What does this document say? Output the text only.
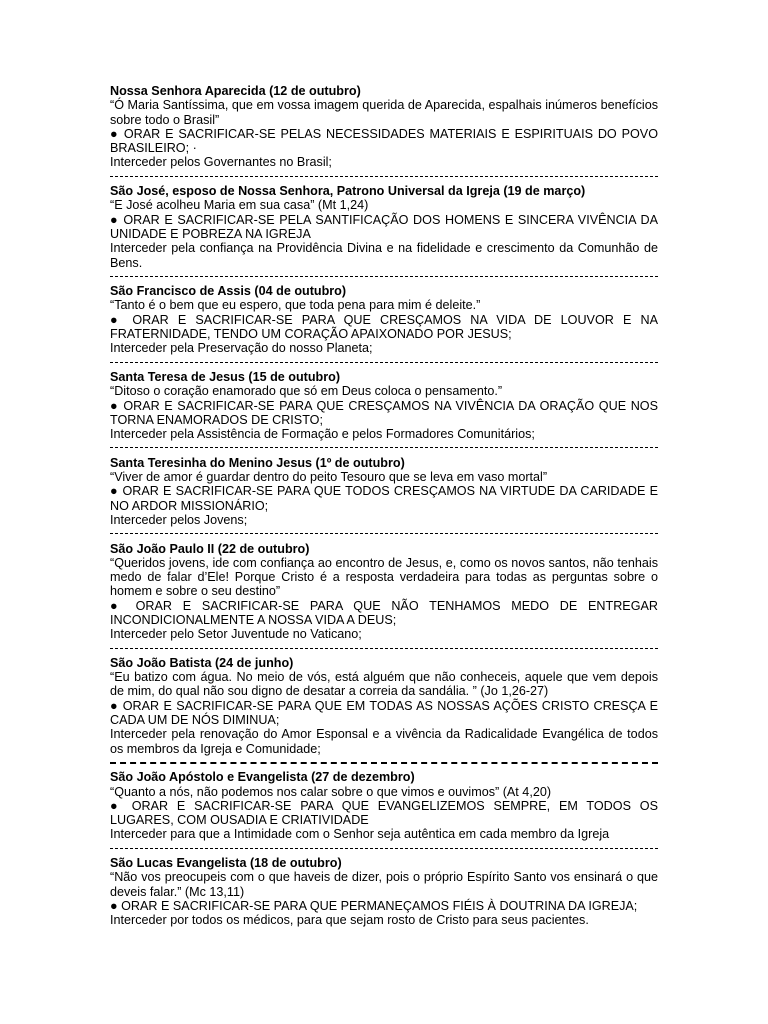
Nossa Senhora Aparecida (12 de outubro)
“Ó Maria Santíssima, que em vossa imagem querida de Aparecida, espalhais inúmeros benefícios sobre todo o Brasil”
● ORAR E SACRIFICAR-SE PELAS NECESSIDADES MATERIAIS E ESPIRITUAIS DO POVO BRASILEIRO; ·
Interceder pelos Governantes no Brasil;
São José, esposo de Nossa Senhora, Patrono Universal da Igreja (19 de março)
“E José acolheu Maria em sua casa” (Mt 1,24)
● ORAR E SACRIFICAR-SE PELA SANTIFICAÇÃO DOS HOMENS E SINCERA VIVÊNCIA DA UNIDADE E POBREZA NA IGREJA
Interceder pela confiança na Providência Divina e na fidelidade e crescimento da Comunhão de Bens.
São Francisco de Assis (04 de outubro)
“Tanto é o bem que eu espero, que toda pena para mim é deleite.”
● ORAR E SACRIFICAR-SE PARA QUE CRESÇAMOS NA VIDA DE LOUVOR E NA FRATERNIDADE, TENDO UM CORAÇÃO APAIXONADO POR JESUS;
Interceder pela Preservação do nosso Planeta;
Santa Teresa de Jesus (15 de outubro)
“Ditoso o coração enamorado que só em Deus coloca o pensamento.”
● ORAR E SACRIFICAR-SE PARA QUE CRESÇAMOS NA VIVÊNCIA DA ORAÇÃO QUE NOS TORNA ENAMORADOS DE CRISTO;
Interceder pela Assistência de Formação e pelos Formadores Comunitários;
Santa Teresinha do Menino Jesus (1º de outubro)
“Viver de amor é guardar dentro do peito Tesouro que se leva em vaso mortal”
● ORAR E SACRIFICAR-SE PARA QUE TODOS CRESÇAMOS NA VIRTUDE DA CARIDADE E NO ARDOR MISSIONÁRIO;
Interceder pelos Jovens;
São João Paulo II (22 de outubro)
“Queridos jovens, ide com confiança ao encontro de Jesus, e, como os novos santos, não tenhais medo de falar d’Ele! Porque Cristo é a resposta verdadeira para todas as perguntas sobre o homem e sobre o seu destino”
● ORAR E SACRIFICAR-SE PARA QUE NÃO TENHAMOS MEDO DE ENTREGAR INCONDICIONALMENTE A NOSSA VIDA A DEUS;
Interceder pelo Setor Juventude no Vaticano;
São João Batista (24 de junho)
“Eu batizo com água. No meio de vós, está alguém que não conheceis, aquele que vem depois de mim, do qual não sou digno de desatar a correia da sandália. ” (Jo 1,26-27)
● ORAR E SACRIFICAR-SE PARA QUE EM TODAS AS NOSSAS AÇÕES CRISTO CRESÇA E CADA UM DE NÓS DIMINUA;
Interceder pela renovação do Amor Esponsal e a vivência da Radicalidade Evangélica de todos os membros da Igreja e Comunidade;
São João Apóstolo e Evangelista (27 de dezembro)
“Quanto a nós, não podemos nos calar sobre o que vimos e ouvimos” (At 4,20)
● ORAR E SACRIFICAR-SE PARA QUE EVANGELIZEMOS SEMPRE, EM TODOS OS LUGARES, COM OUSADIA E CRIATIVIDADE
Interceder para que a Intimidade com o Senhor seja autêntica em cada membro da Igreja
São Lucas Evangelista (18 de outubro)
“Não vos preocupeis com o que haveis de dizer, pois o próprio Espírito Santo vos ensinará o que deveis falar.” (Mc 13,11)
● ORAR E SACRIFICAR-SE PARA QUE PERMANEÇAMOS FIÉIS À DOUTRINA DA IGREJA;
Interceder por todos os médicos, para que sejam rosto de Cristo para seus pacientes.
